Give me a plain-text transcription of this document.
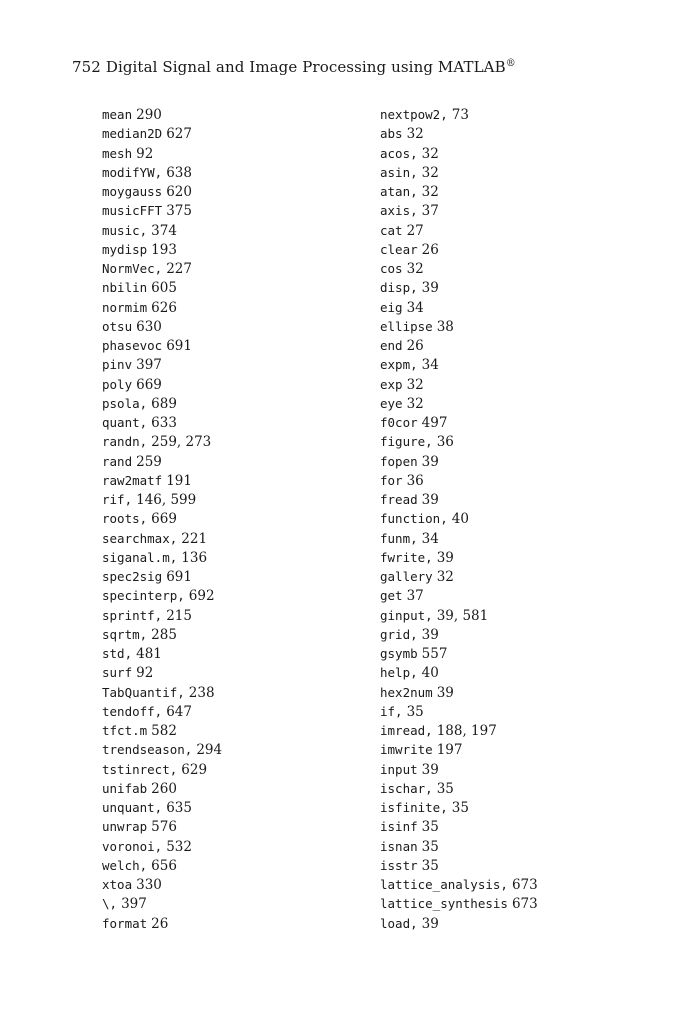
752 Digital Signal and Image Processing using MATLAB®
mean 290
median2D 627
mesh 92
modifYW, 638
moygauss 620
musicFFT 375
music, 374
mydisp 193
NormVec, 227
nbilin 605
normim 626
otsu 630
phasevoc 691
pinv 397
poly 669
psola, 689
quant, 633
randn, 259, 273
rand 259
raw2matf 191
rif, 146, 599
roots, 669
searchmax, 221
siganal.m, 136
spec2sig 691
specinterp, 692
sprintf, 215
sqrtm, 285
std, 481
surf 92
TabQuantif, 238
tendoff, 647
tfct.m 582
trendseason, 294
tstinrect, 629
unifab 260
unquant, 635
unwrap 576
voronoi, 532
welch, 656
xtoa 330
\, 397
format 26
nextpow2, 73
abs 32
acos, 32
asin, 32
atan, 32
axis, 37
cat 27
clear 26
cos 32
disp, 39
eig 34
ellipse 38
end 26
expm, 34
exp 32
eye 32
f0cor 497
figure, 36
fopen 39
for 36
fread 39
function, 40
funm, 34
fwrite, 39
gallery 32
get 37
ginput, 39, 581
grid, 39
gsymb 557
help, 40
hex2num 39
if, 35
imread, 188, 197
imwrite 197
input 39
ischar, 35
isfinite, 35
isinf 35
isnan 35
isstr 35
lattice_analysis, 673
lattice_synthesis 673
load, 39
